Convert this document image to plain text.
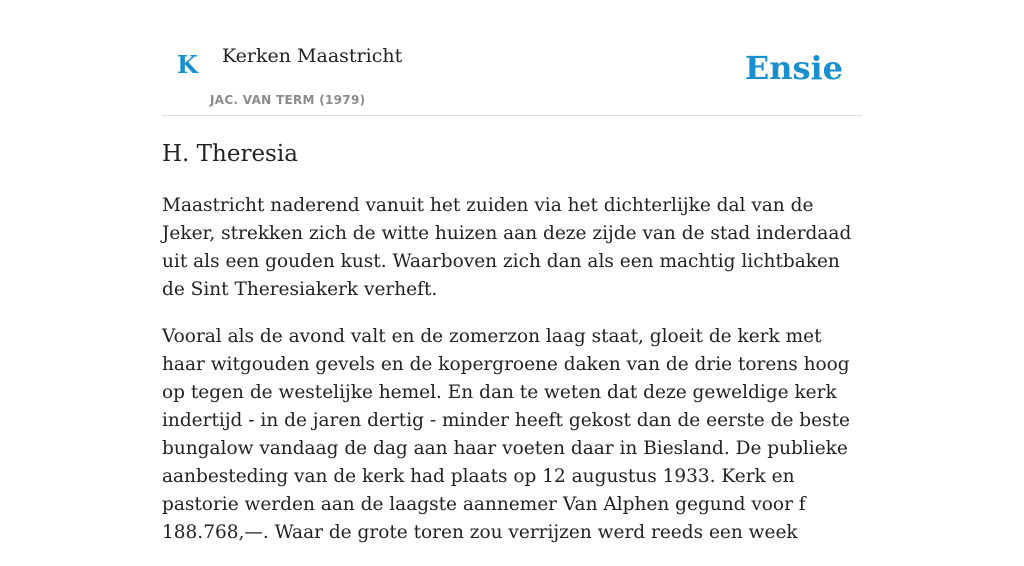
K Kerken Maastricht
JAC. VAN TERM (1979)
Ensie
H. Theresia

Maastricht naderend vanuit het zuiden via het dichterlijke dal van de Jeker, strekken zich de witte huizen aan deze zijde van de stad inderdaad uit als een gouden kust. Waarboven zich dan als een machtig lichtbaken de Sint Theresiakerk verheft.

Vooral als de avond valt en de zomerzon laag staat, gloeit de kerk met haar witgouden gevels en de kopergroene daken van de drie torens hoog op tegen de westelijke hemel. En dan te weten dat deze geweldige kerk indertijd - in de jaren dertig - minder heeft gekost dan de eerste de beste bungalow vandaag de dag aan haar voeten daar in Biesland. De publieke aanbesteding van de kerk had plaats op 12 augustus 1933. Kerk en pastorie werden aan de laagste aannemer Van Alphen gegund voor f 188.768,—. Waar de grote toren zou verrijzen werd reeds een week
